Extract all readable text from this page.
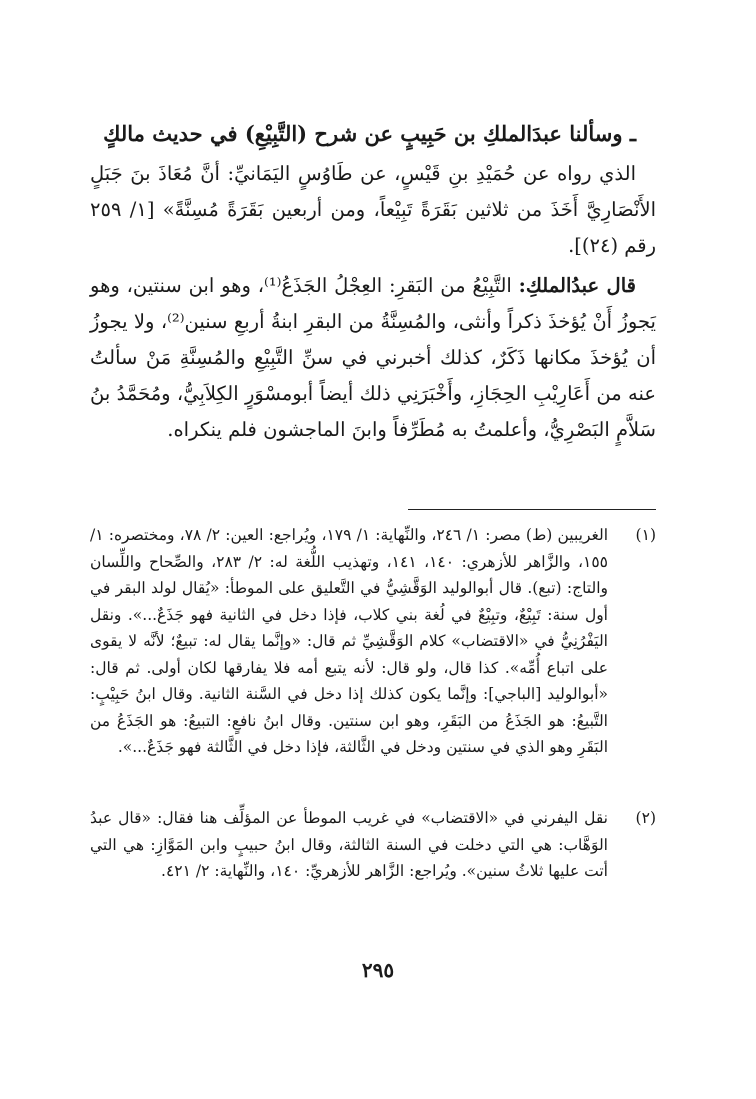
ـ وسألنا عبدَالملكِ بن حَبِيبٍ عن شرح (التَّبِيْعِ) في حديث مالكٍ

الذي رواه عن حُمَيْدِ بنِ قَيْسٍ، عن طَاوُسٍ اليَمَانيِّ: أنَّ مُعَاذَ بنَ جَبَلٍ الأَنْصَارِيَّ أَخَذَ من ثلاثين بَقَرَةً تَبِيْعاً، ومن أربعين بَقَرَةً مُسِنَّةً» [١/ ٢٥٩ رقم (٢٤)].

قال عبدُالملكِ: التَّبِيْعُ من البَقرِ: العِجْلُ الجَذَعُ⁽¹⁾، وهو ابن سنتين، وهو يَجوزُ أَنْ يُؤخذَ ذكراً وأنثى، والمُسِنَّةُ من البقرِ ابنةُ أربعِ سنين⁽²⁾، ولا يجوزُ أن يُؤخذَ مكانها ذَكَرٌ، كذلك أخبرني في سنِّ التَّبِيْعِ والمُسِنَّةِ مَنْ سألتُ عنه من أَعَارِيْبِ الحِجَازِ، وأَخْبَرَنِي ذلك أيضاً أبومسْوَرٍ الكِلاَبِيُّ، ومُحَمَّدُ بنُ سَلاَّمٍ البَصْرِيُّ، وأعلمتُ به مُطَرِّفاً وابنَ الماجشون فلم ينكراه.

(١)
الغريبين (ط) مصر: ١/ ٢٤٦، والنِّهاية: ١/ ١٧٩، ويُراجع: العين: ٢/ ٧٨، ومختصره: ١/ ١٥٥، والزَّاهر للأزهري: ١٤٠، ١٤١، وتهذيب اللُّغة له: ٢/ ٢٨٣، والصِّحاح واللِّسان والتاج: (تبع). قال أبوالوليد الوَقَّشِيُّ في التَّعليق على الموطأ: «يُقال لولد البقر في أول سنة: تَبِيْعٌ، وتبِيْعٌ في لُغة بني كلاب، فإذا دخل في الثانية فهو جَذَعٌ...». ونقل اليَفْرُنِيُّ في «الاقتضاب» كلام الوَقَّشِيِّ ثم قال: «وإنَّما يقال له: تبيعٌ؛ لأنَّه لا يقوى على اتباع أُمِّه». كذا قال، ولو قال: لأنه يتبع أمه فلا يفارقها لكان أولى. ثم قال: «أبوالوليد [الباجي]: وإنَّما يكون كذلك إذا دخل في السَّنة الثانية. وقال ابنُ حَبِيْبٍ: التَّبيعُ: هو الجَذَعُ من البَقَرِ، وهو ابن سنتين. وقال ابنُ نافعٍ: التبيعُ: هو الجَذَعُ من البَقَرِ وهو الذي في سنتين ودخل في الثَّالثة، فإذا دخل في الثَّالثة فهو جَذَعٌ...».
(٢)
نقل اليفرني في «الاقتضاب» في غريب الموطأ عن المؤلِّف هنا فقال: «قال عبدُ الوَهَّاب: هي التي دخلت في السنة الثالثة، وقال ابنُ حبيبٍ وابن المَوَّازِ: هي التي أتت عليها ثلاثُ سنين». ويُراجع: الزَّاهر للأزهريِّ: ١٤٠، والنِّهاية: ٢/ ٤٢١.
٢٩٥
